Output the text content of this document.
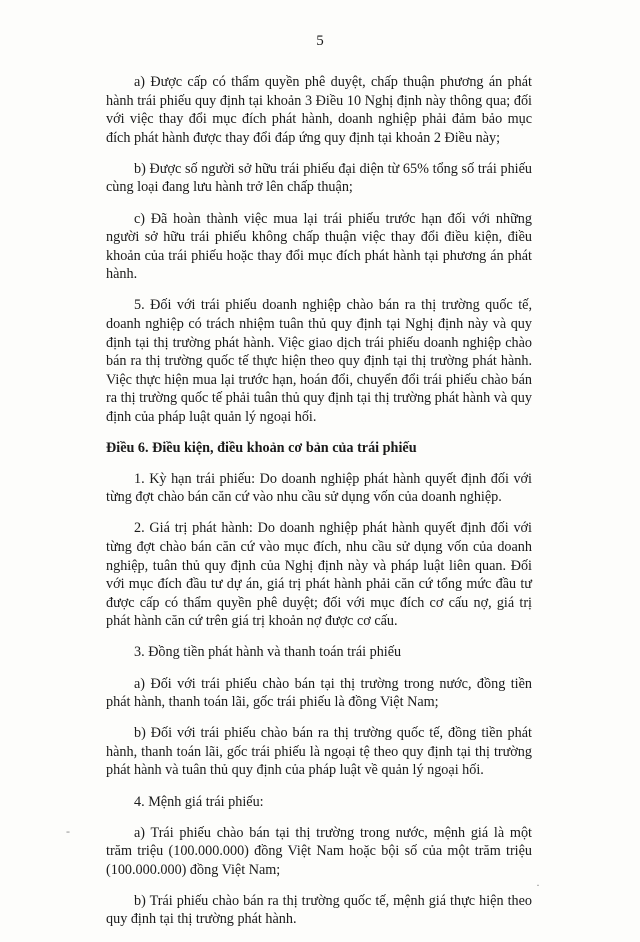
5

a) Được cấp có thẩm quyền phê duyệt, chấp thuận phương án phát hành trái phiếu quy định tại khoản 3 Điều 10 Nghị định này thông qua; đối với việc thay đổi mục đích phát hành, doanh nghiệp phải đảm bảo mục đích phát hành được thay đổi đáp ứng quy định tại khoản 2 Điều này;

b) Được số người sở hữu trái phiếu đại diện từ 65% tổng số trái phiếu cùng loại đang lưu hành trở lên chấp thuận;

c) Đã hoàn thành việc mua lại trái phiếu trước hạn đối với những người sở hữu trái phiếu không chấp thuận việc thay đổi điều kiện, điều khoản của trái phiếu hoặc thay đổi mục đích phát hành tại phương án phát hành.

5. Đối với trái phiếu doanh nghiệp chào bán ra thị trường quốc tế, doanh nghiệp có trách nhiệm tuân thủ quy định tại Nghị định này và quy định tại thị trường phát hành. Việc giao dịch trái phiếu doanh nghiệp chào bán ra thị trường quốc tế thực hiện theo quy định tại thị trường phát hành. Việc thực hiện mua lại trước hạn, hoán đổi, chuyển đổi trái phiếu chào bán ra thị trường quốc tế phải tuân thủ quy định tại thị trường phát hành và quy định của pháp luật quản lý ngoại hối.

Điều 6. Điều kiện, điều khoản cơ bản của trái phiếu

1. Kỳ hạn trái phiếu: Do doanh nghiệp phát hành quyết định đối với từng đợt chào bán căn cứ vào nhu cầu sử dụng vốn của doanh nghiệp.

2. Giá trị phát hành: Do doanh nghiệp phát hành quyết định đối với từng đợt chào bán căn cứ vào mục đích, nhu cầu sử dụng vốn của doanh nghiệp, tuân thủ quy định của Nghị định này và pháp luật liên quan. Đối với mục đích đầu tư dự án, giá trị phát hành phải căn cứ tổng mức đầu tư được cấp có thẩm quyền phê duyệt; đối với mục đích cơ cấu nợ, giá trị phát hành căn cứ trên giá trị khoản nợ được cơ cấu.

3. Đồng tiền phát hành và thanh toán trái phiếu

a) Đối với trái phiếu chào bán tại thị trường trong nước, đồng tiền phát hành, thanh toán lãi, gốc trái phiếu là đồng Việt Nam;

b) Đối với trái phiếu chào bán ra thị trường quốc tế, đồng tiền phát hành, thanh toán lãi, gốc trái phiếu là ngoại tệ theo quy định tại thị trường phát hành và tuân thủ quy định của pháp luật về quản lý ngoại hối.

4. Mệnh giá trái phiếu:

a) Trái phiếu chào bán tại thị trường trong nước, mệnh giá là một trăm triệu (100.000.000) đồng Việt Nam hoặc bội số của một trăm triệu (100.000.000) đồng Việt Nam;

b) Trái phiếu chào bán ra thị trường quốc tế, mệnh giá thực hiện theo quy định tại thị trường phát hành.

-
·
